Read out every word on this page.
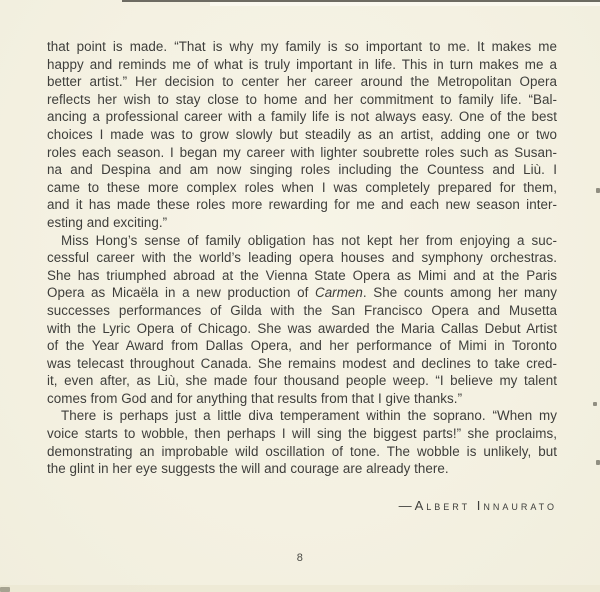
that point is made. “That is why my family is so important to me. It makes me
happy and reminds me of what is truly important in life. This in turn makes me a
better artist.” Her decision to center her career around the Metropolitan Opera
reflects her wish to stay close to home and her commitment to family life. “Bal-
ancing a professional career with a family life is not always easy. One of the best
choices I made was to grow slowly but steadily as an artist, adding one or two
roles each season. I began my career with lighter soubrette roles such as Susan-
na and Despina and am now singing roles including the Countess and Liù. I
came to these more complex roles when I was completely prepared for them,
and it has made these roles more rewarding for me and each new season inter-
esting and exciting.”
Miss Hong’s sense of family obligation has not kept her from enjoying a suc-
cessful career with the world’s leading opera houses and symphony orchestras.
She has triumphed abroad at the Vienna State Opera as Mimi and at the Paris
Opera as Micaëla in a new production of Carmen. She counts among her many
successes performances of Gilda with the San Francisco Opera and Musetta
with the Lyric Opera of Chicago. She was awarded the Maria Callas Debut Artist
of the Year Award from Dallas Opera, and her performance of Mimi in Toronto
was telecast throughout Canada. She remains modest and declines to take cred-
it, even after, as Liù, she made four thousand people weep. “I believe my talent
comes from God and for anything that results from that I give thanks.”
There is perhaps just a little diva temperament within the soprano. “When my
voice starts to wobble, then perhaps I will sing the biggest parts!” she proclaims,
demonstrating an improbable wild oscillation of tone. The wobble is unlikely, but
the glint in her eye suggests the will and courage are already there.
—Albert Innaurato
8
